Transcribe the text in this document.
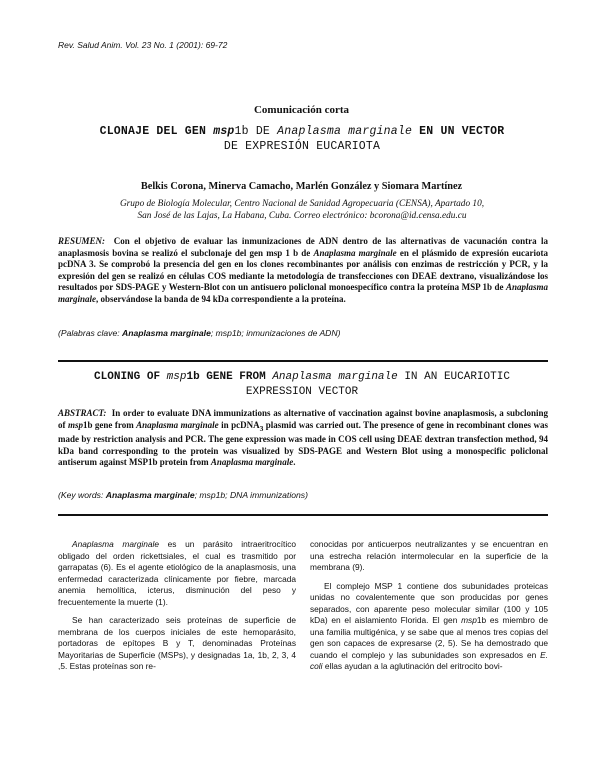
Rev. Salud Anim. Vol. 23 No. 1 (2001): 69-72
Comunicación corta
CLONAJE DEL GEN msp1b DE Anaplasma marginale EN UN VECTOR
DE EXPRESIÓN EUCARIOTA
Belkis Corona, Minerva Camacho, Marlén González y Siomara Martínez
Grupo de Biología Molecular, Centro Nacional de Sanidad Agropecuaria (CENSA), Apartado 10,
San José de las Lajas, La Habana, Cuba. Correo electrónico: bcorona@id.censa.edu.cu
RESUMEN: Con el objetivo de evaluar las inmunizaciones de ADN dentro de las alternativas de vacunación contra la anaplasmosis bovina se realizó el subclonaje del gen msp 1 b de Anaplasma marginale en el plásmido de expresión eucariota pcDNA 3. Se comprobó la presencia del gen en los clones recombinantes por análisis con enzimas de restricción y PCR, y la expresión del gen se realizó en células COS mediante la metodología de transfecciones con DEAE dextrano, visualizándose los resultados por SDS-PAGE y Western-Blot con un antisuero policlonal monoespecífico contra la proteína MSP 1b de Anaplasma marginale, observándose la banda de 94 kDa correspondiente a la proteína.
(Palabras clave: Anaplasma marginale; msp1b; inmunizaciones de ADN)
CLONING OF msp1b GENE FROM Anaplasma marginale IN AN EUCARIOTIC
EXPRESSION VECTOR
ABSTRACT: In order to evaluate DNA immunizations as alternative of vaccination against bovine anaplasmosis, a subcloning of msp1b gene from Anaplasma marginale in pcDNA$_3$ plasmid was carried out. The presence of gene in recombinant clones was made by restriction analysis and PCR. The gene expression was made in COS cell using DEAE dextran transfection method, 94 kDa band corresponding to the protein was visualized by SDS-PAGE and Western Blot using a monospecific policlonal antiserum against MSP1b protein from Anaplasma marginale.
(Key words: Anaplasma marginale; msp1b; DNA immunizations)

Anaplasma marginale es un parásito intraeritrocítico obligado del orden rickettsiales, el cual es trasmitido por garrapatas (6). Es el agente etiológico de la anaplasmosis, una enfermedad caracterizada clínicamente por fiebre, marcada anemia hemolítica, icterus, disminución del peso y frecuentemente la muerte (1).

Se han caracterizado seis proteínas de superficie de membrana de los cuerpos iniciales de este hemoparásito, portadoras de epítopes B y T, denominadas Proteínas Mayoritarias de Superficie (MSPs), y designadas 1a, 1b, 2, 3, 4 ,5. Estas proteínas son re-

conocidas por anticuerpos neutralizantes y se encuentran en una estrecha relación intermolecular en la superficie de la membrana (9).

El complejo MSP 1 contiene dos subunidades proteicas unidas no covalentemente que son producidas por genes separados, con aparente peso molecular similar (100 y 105 kDa) en el aislamiento Florida. El gen msp1b es miembro de una familia multigénica, y se sabe que al menos tres copias del gen son capaces de expresarse (2, 5). Se ha demostrado que cuando el complejo y las subunidades son expresados en E. coli ellas ayudan a la aglutinación del eritrocito bovi-
